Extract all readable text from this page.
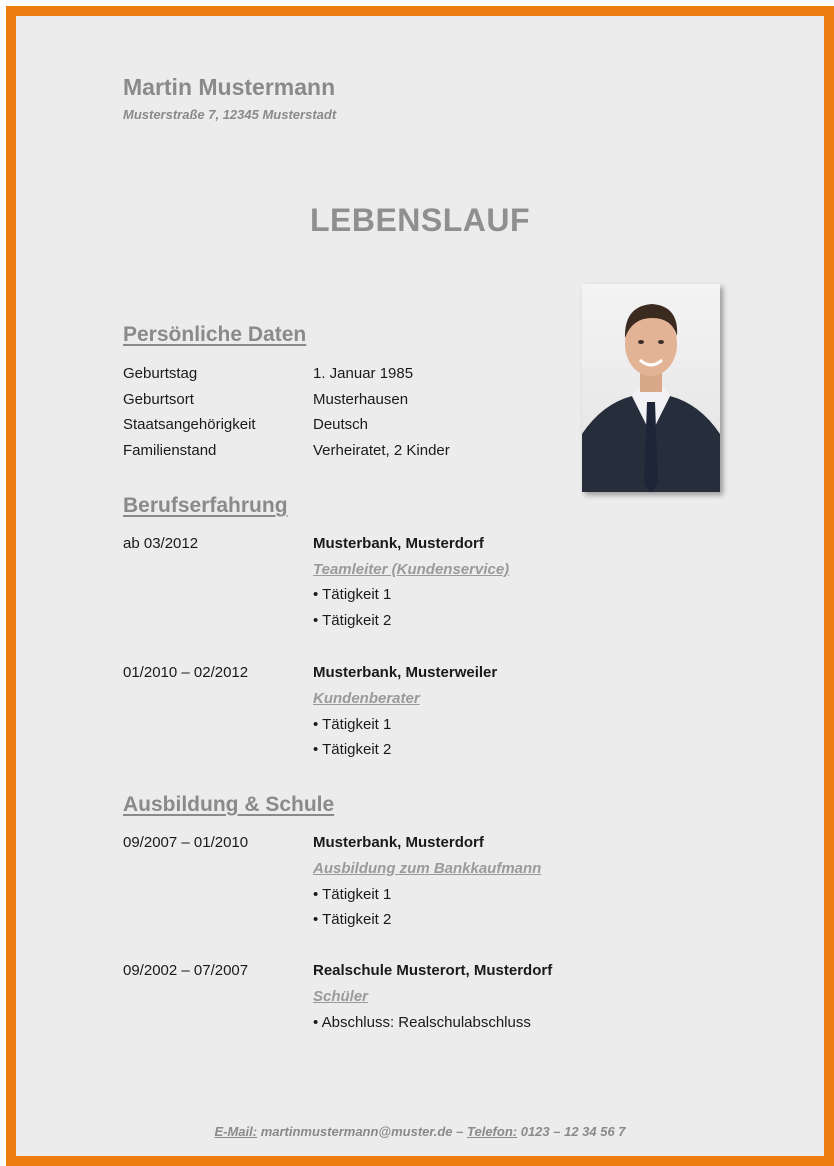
Martin Mustermann
Musterstraße 7, 12345 Musterstadt
LEBENSLAUF
Persönliche Daten
Geburtstag	1. Januar 1985
Geburtsort	Musterhausen
Staatsangehörigkeit	Deutsch
Familienstand	Verheiratet, 2 Kinder
Berufserfahrung
ab 03/2012	Musterbank, Musterdorf
Teamleiter (Kundenservice)
• Tätigkeit 1
• Tätigkeit 2
01/2010 – 02/2012	Musterbank, Musterweiler
Kundenberater
• Tätigkeit 1
• Tätigkeit 2
Ausbildung & Schule
09/2007 – 01/2010	Musterbank, Musterdorf
Ausbildung zum Bankkaufmann
• Tätigkeit 1
• Tätigkeit 2
09/2002 – 07/2007	Realschule Musterort, Musterdorf
Schüler
• Abschluss: Realschulabschluss
E-Mail: martinmustermann@muster.de – Telefon: 0123 – 12 34 56 7
